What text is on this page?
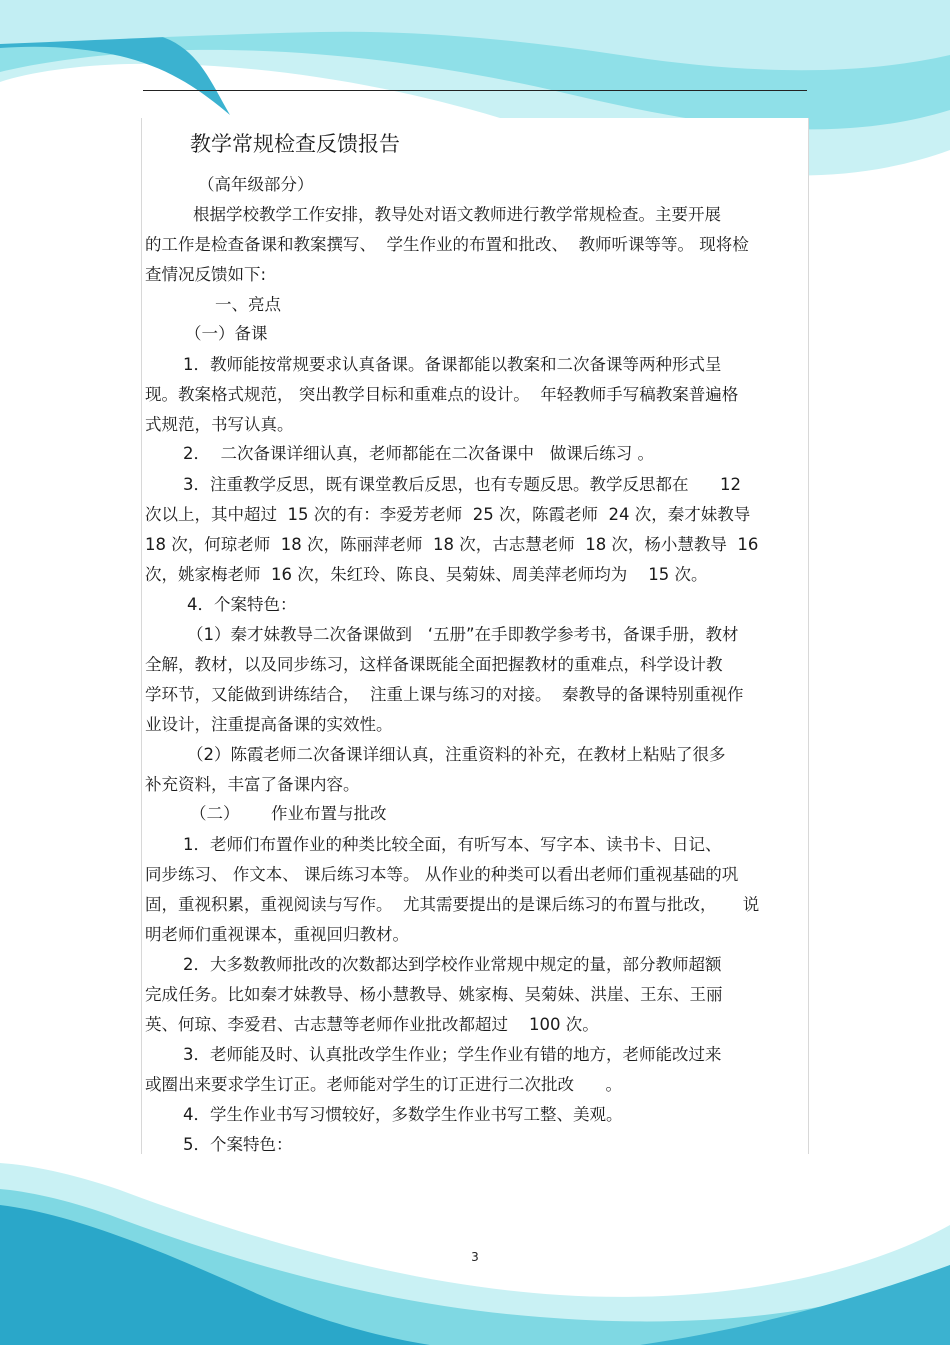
教学常规检查反馈报告
（高年级部分）
根据学校教学工作安排，教导处对语文教师进行教学常规检查。主要开展
的工作是检查备课和教案撰写、  学生作业的布置和批改、  教师听课等等。 现将检
查情况反馈如下:
一、亮点
（一）备课
1．教师能按常规要求认真备课。备课都能以教案和二次备课等两种形式呈
现。教案格式规范， 突出教学目标和重难点的设计。  年轻教师手写稿教案普遍格
式规范，书写认真。
2．  二次备课详细认真，老师都能在二次备课中   做课后练习 。
3．注重教学反思，既有课堂教后反思，也有专题反思。教学反思都在      12
次以上，其中超过  15 次的有：李爱芳老师  25 次，陈霞老师  24 次，秦才妹教导
18 次，何琼老师  18 次，陈丽萍老师  18 次，古志慧老师  18 次，杨小慧教导  16
次，姚家梅老师  16 次，朱红玲、陈良、吴菊妹、周美萍老师均为    15 次。
4．个案特色：
（1）秦才妹教导二次备课做到   ‘五册”在手即教学参考书，备课手册，教材
全解，教材，以及同步练习，这样备课既能全面把握教材的重难点，科学设计教
学环节，又能做到讲练结合，  注重上课与练习的对接。  秦教导的备课特别重视作
业设计，注重提高备课的实效性。
（2）陈霞老师二次备课详细认真，注重资料的补充，在教材上粘贴了很多
补充资料，丰富了备课内容。
（二）      作业布置与批改
1．老师们布置作业的种类比较全面，有听写本、写字本、读书卡、日记、
同步练习、 作文本、 课后练习本等。 从作业的种类可以看出老师们重视基础的巩
固，重视积累，重视阅读与写作。  尤其需要提出的是课后练习的布置与批改，     说
明老师们重视课本，重视回归教材。
2．大多数教师批改的次数都达到学校作业常规中规定的量，部分教师超额
完成任务。比如秦才妹教导、杨小慧教导、姚家梅、吴菊妹、洪崖、王东、王丽
英、何琼、李爱君、古志慧等老师作业批改都超过    100 次。
3．老师能及时、认真批改学生作业；学生作业有错的地方，老师能改过来
或圈出来要求学生订正。老师能对学生的订正进行二次批改      。
4．学生作业书写习惯较好，多数学生作业书写工整、美观。
5．个案特色：
3
